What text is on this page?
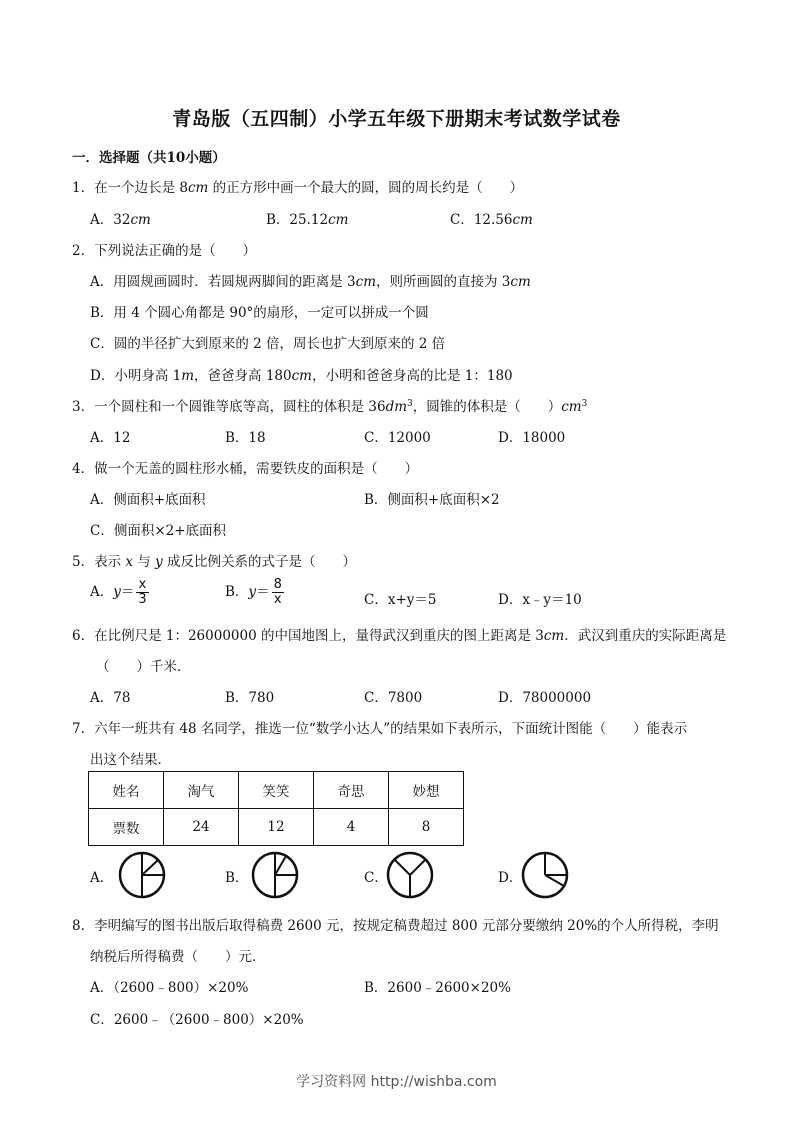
青岛版（五四制）小学五年级下册期末考试数学试卷
一．选择题（共10小题）
1．在一个边长是 8cm 的正方形中画一个最大的圆，圆的周长约是（　　）
A．32cm	B．25.12cm	C．12.56cm
2．下列说法正确的是（　　）
A．用圆规画圆时．若圆规两脚间的距离是 3cm，则所画圆的直接为 3cm
B．用 4 个圆心角都是 90°的扇形，一定可以拼成一个圆
C．圆的半径扩大到原来的 2 倍，周长也扩大到原来的 2 倍
D．小明身高 1m，爸爸身高 180cm，小明和爸爸身高的比是 1：180
3．一个圆柱和一个圆锥等底等高，圆柱的体积是 $36dm^3$，圆锥的体积是（　　）$cm^3$
A．12	B．18	C．12000	D．18000
4．做一个无盖的圆柱形水桶，需要铁皮的面积是（　　）
A．侧面积+底面积	B．侧面积+底面积×2
C．侧面积×2+底面积
5．表示 x 与 y 成反比例关系的式子是（　　）
A．$y= \frac{x}{3}$	B．$y= \frac{8}{x}$	C．x+y＝5	D．x﹣y＝10
6．在比例尺是 1：26000000 的中国地图上，量得武汉到重庆的图上距离是 3cm．武汉到重庆的实际距离是
（　　）千米．
A．78	B．780	C．7800	D．78000000
7．六年一班共有 48 名同学，推选一位“数学小达人”的结果如下表所示，下面统计图能（　　）能表示
出这个结果．
姓名	淘气	笑笑	奇思	妙想
票数	24	12	4	8
A．	B．	C．	D．
8．李明编写的图书出版后取得稿费 2600 元，按规定稿费超过 800 元部分要缴纳 20%的个人所得税，李明
纳税后所得稿费（　　）元．
A．（2600﹣800）×20%	B．2600﹣2600×20%
C．2600﹣（2600﹣800）×20%
学习资料网 http://wishba.com
